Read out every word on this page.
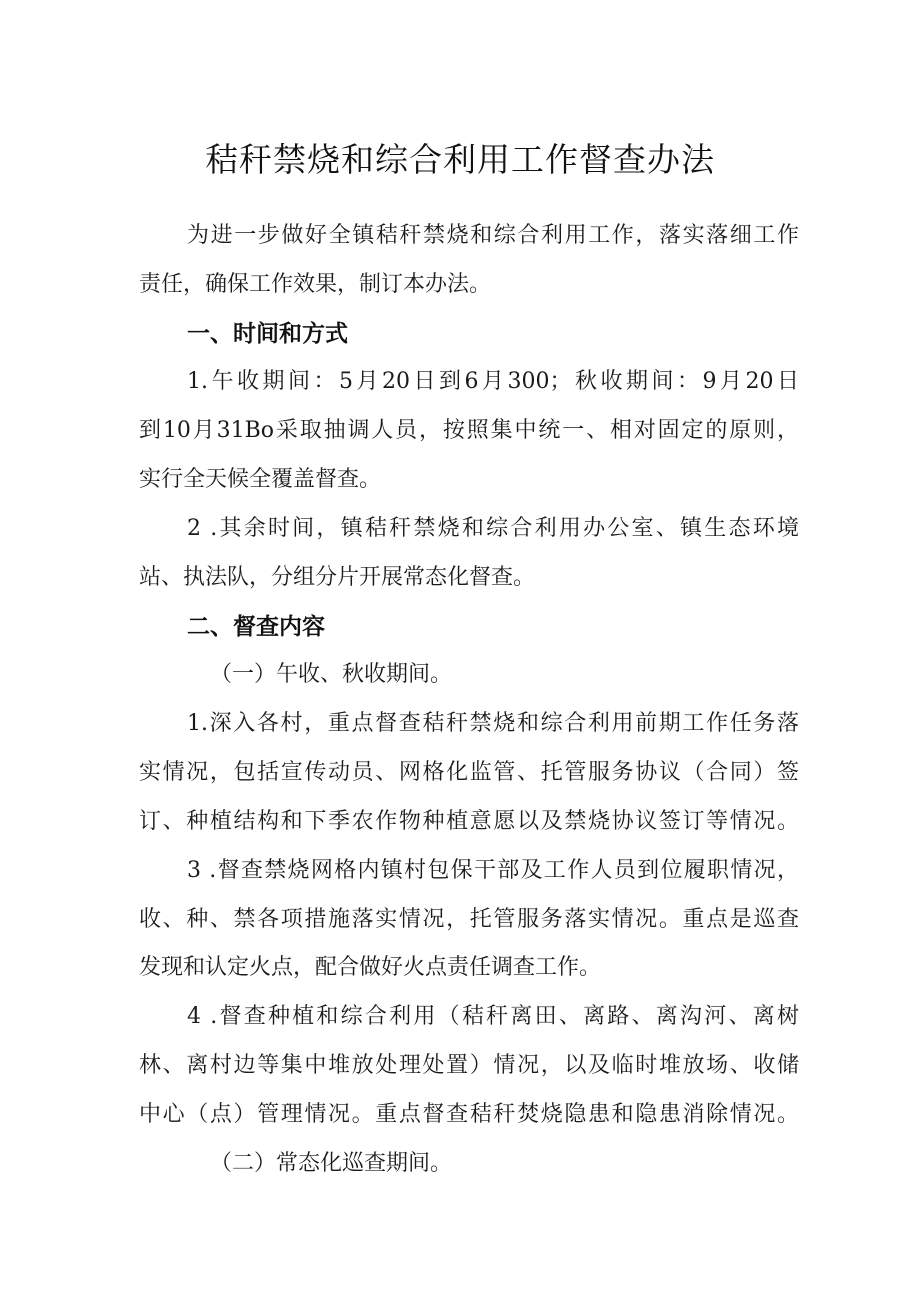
秸秆禁烧和综合利用工作督查办法
为进一步做好全镇秸秆禁烧和综合利用工作，落实落细工作
责任，确保工作效果，制订本办法。
一、时间和方式
1.午收期间：5月20日到6月300；秋收期间：9月20日
到10月31Bo采取抽调人员，按照集中统一、相对固定的原则，
实行全天候全覆盖督查。
2 .其余时间，镇秸秆禁烧和综合利用办公室、镇生态环境
站、执法队，分组分片开展常态化督查。
二、督查内容
（一）午收、秋收期间。
1.深入各村，重点督查秸秆禁烧和综合利用前期工作任务落
实情况，包括宣传动员、网格化监管、托管服务协议（合同）签
订、种植结构和下季农作物种植意愿以及禁烧协议签订等情况。
3 .督查禁烧网格内镇村包保干部及工作人员到位履职情况，
收、种、禁各项措施落实情况，托管服务落实情况。重点是巡查
发现和认定火点，配合做好火点责任调查工作。
4 .督查种植和综合利用（秸秆离田、离路、离沟河、离树
林、离村边等集中堆放处理处置）情况，以及临时堆放场、收储
中心（点）管理情况。重点督查秸秆焚烧隐患和隐患消除情况。
（二）常态化巡查期间。
